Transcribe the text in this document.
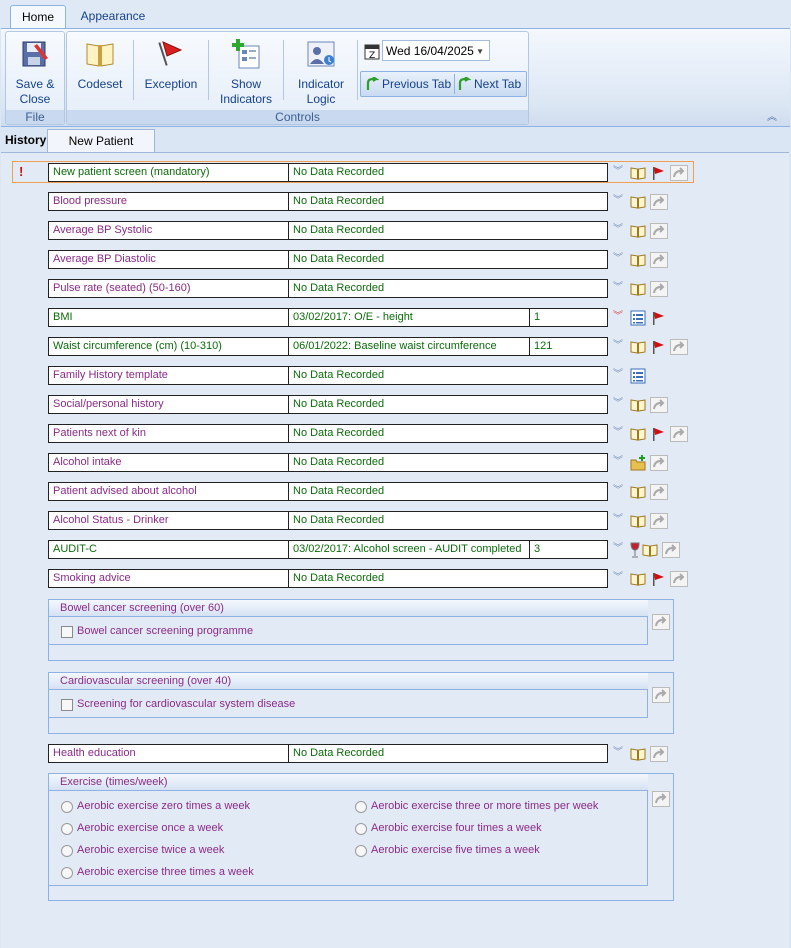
Home	Appearance
Save &
Close
File
Codeset	Exception	Show
Indicators
Indicator
Logic
Controls
Z Wed 16/04/2025 ▼
Previous Tab Next Tab
︽
History	New Patient
!	New patient screen (mandatory)	No Data Recorded	︾
Blood pressure	No Data Recorded	︾
Average BP Systolic	No Data Recorded	︾
Average BP Diastolic	No Data Recorded	︾
Pulse rate (seated) (50-160)	No Data Recorded	︾
BMI	03/02/2017: O/E - height	1	︾
Waist circumference (cm) (10-310)	06/01/2022: Baseline waist circumference	121	︾
Family History template	No Data Recorded	︾
Social/personal history	No Data Recorded	︾
Patients next of kin	No Data Recorded	︾
Alcohol intake	No Data Recorded	︾
Patient advised about alcohol	No Data Recorded	︾
Alcohol Status - Drinker	No Data Recorded	︾
AUDIT-C	03/02/2017: Alcohol screen - AUDIT completed	3	︾
Smoking advice	No Data Recorded	︾
Bowel cancer screening (over 60)
Bowel cancer screening programme
Cardiovascular screening (over 40)
Screening for cardiovascular system disease
Health education	No Data Recorded	︾
Exercise (times/week)
Aerobic exercise zero times a week
Aerobic exercise once a week
Aerobic exercise twice a week
Aerobic exercise three times a week
Aerobic exercise three or more times per week
Aerobic exercise four times a week
Aerobic exercise five times a week
